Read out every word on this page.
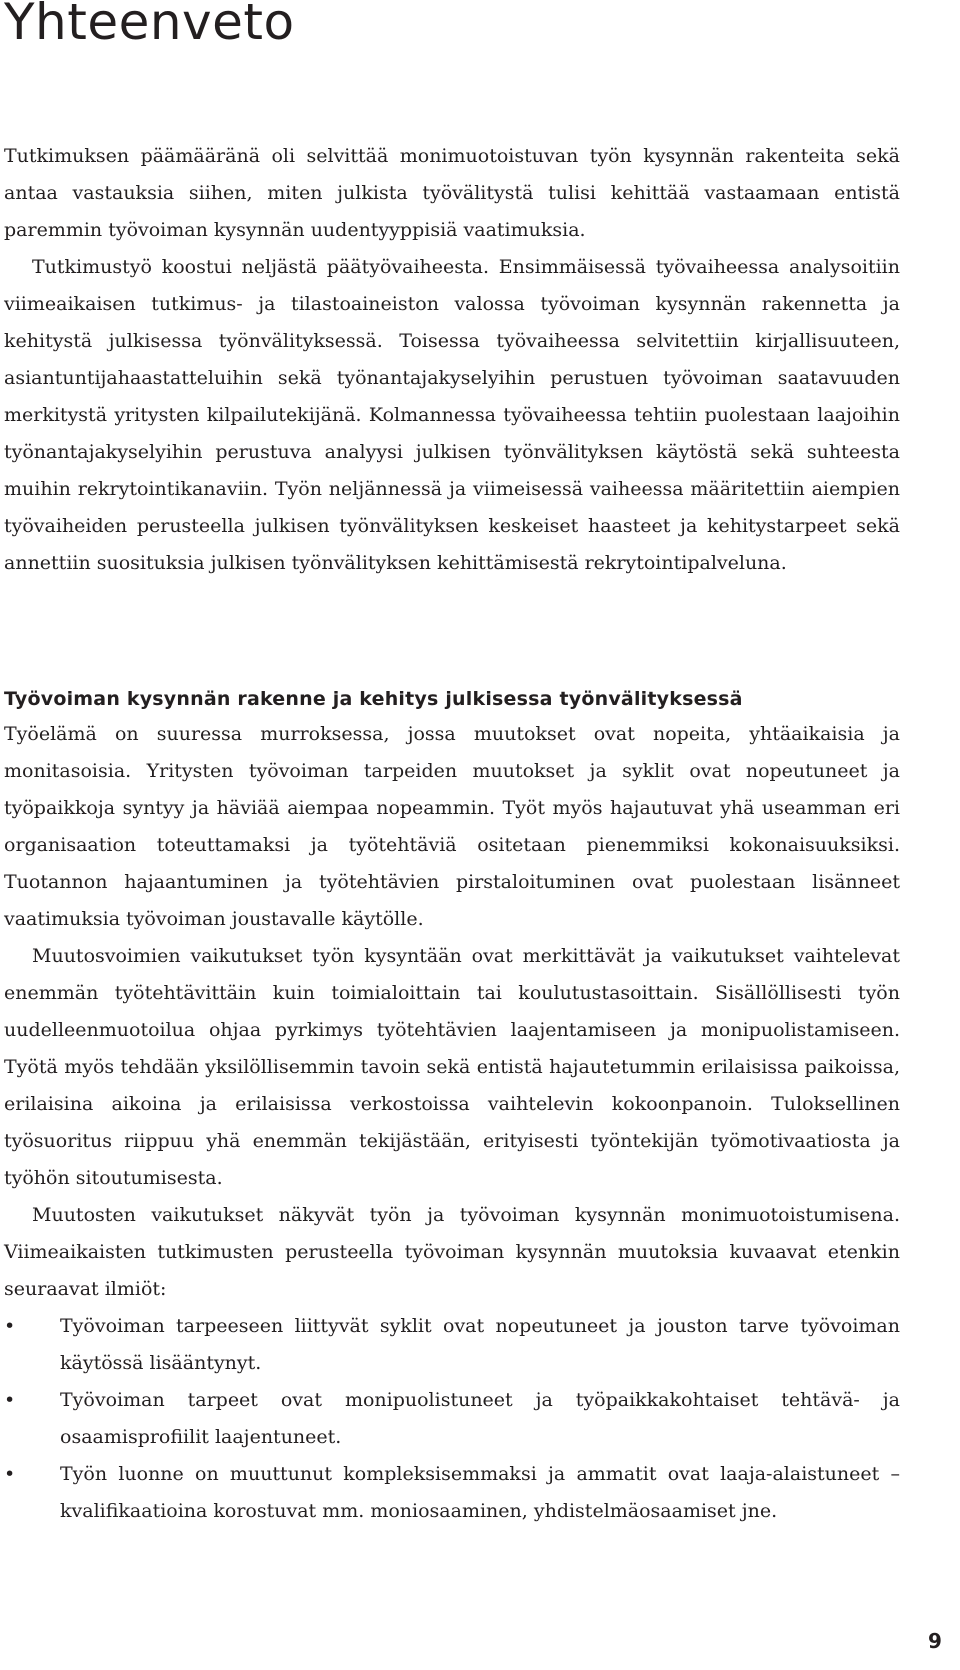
Yhteenveto

Tutkimuksen päämääränä oli selvittää monimuotoistuvan työn kysynnän rakenteita sekä antaa vastauksia siihen, miten julkista työvälitystä tulisi kehittää vastaamaan entistä paremmin työvoiman kysynnän uudentyyppisiä vaatimuksia.

Tutkimustyö koostui neljästä päätyövaiheesta. Ensimmäisessä työvaiheessa analysoitiin viimeaikaisen tutkimus- ja tilastoaineiston valossa työvoiman kysynnän rakennetta ja kehitystä julkisessa työnvälityksessä. Toisessa työvaiheessa selvitettiin kirjallisuuteen, asiantuntijahaastatteluihin sekä työnantajakyselyihin perustuen työvoiman saatavuuden merkitystä yritysten kilpailutekijänä. Kolmannessa työvaiheessa tehtiin puolestaan laajoihin työnantajakyselyihin perustuva analyysi julkisen työnvälityksen käytöstä sekä suhteesta muihin rekrytointikanaviin. Työn neljännessä ja viimeisessä vaiheessa määritettiin aiempien työvaiheiden perusteella julkisen työnvälityksen keskeiset haasteet ja kehitystarpeet sekä annettiin suosituksia julkisen työnvälityksen kehittämisestä rekrytointipalveluna.

Työvoiman kysynnän rakenne ja kehitys julkisessa työnvälityksessä

Työelämä on suuressa murroksessa, jossa muutokset ovat nopeita, yhtäaikaisia ja monitasoisia. Yritysten työvoiman tarpeiden muutokset ja syklit ovat nopeutuneet ja työpaikkoja syntyy ja häviää aiempaa nopeammin. Työt myös hajautuvat yhä useamman eri organisaation toteuttamaksi ja työtehtäviä ositetaan pienemmiksi kokonaisuuksiksi. Tuotannon hajaantuminen ja työtehtävien pirstaloituminen ovat puolestaan lisänneet vaatimuksia työvoiman joustavalle käytölle.

Muutosvoimien vaikutukset työn kysyntään ovat merkittävät ja vaikutukset vaihtelevat enemmän työtehtävittäin kuin toimialoittain tai koulutustasoittain. Sisällöllisesti työn uudelleenmuotoilua ohjaa pyrkimys työtehtävien laajentamiseen ja monipuolistamiseen. Työtä myös tehdään yksilöllisemmin tavoin sekä entistä hajautetummin erilaisissa paikoissa, erilaisina aikoina ja erilaisissa verkostoissa vaihtelevin kokoonpanoin. Tuloksellinen työsuoritus riippuu yhä enemmän tekijästään, erityisesti työntekijän työmotivaatiosta ja työhön sitoutumisesta.

Muutosten vaikutukset näkyvät työn ja työvoiman kysynnän monimuotoistumisena. Viimeaikaisten tutkimusten perusteella työvoiman kysynnän muutoksia kuvaavat etenkin seuraavat ilmiöt:

• Työvoiman tarpeeseen liittyvät syklit ovat nopeutuneet ja jouston tarve työvoiman käytössä lisääntynyt.
• Työvoiman tarpeet ovat monipuolistuneet ja työpaikkakohtaiset tehtävä- ja osaamisprofiilit laajentuneet.
• Työn luonne on muuttunut kompleksisemmaksi ja ammatit ovat laaja-alaistuneet – kvalifikaatioina korostuvat mm. moniosaaminen, yhdistelmäosaamiset jne.
9
